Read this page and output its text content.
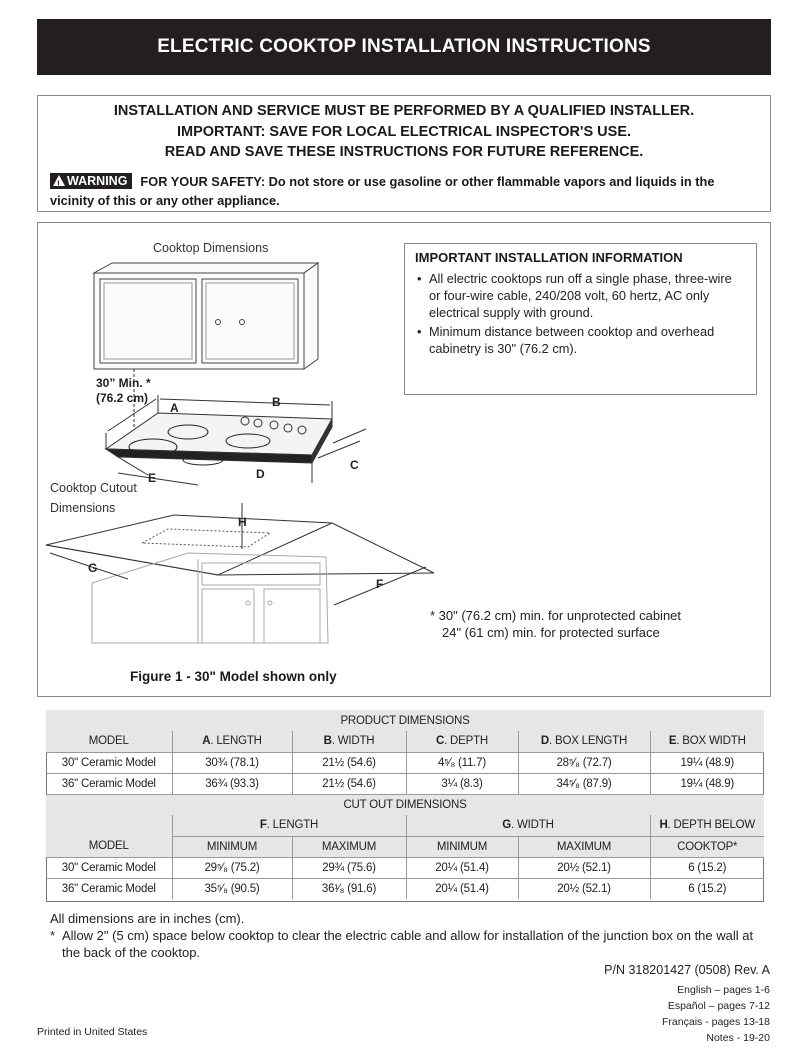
ELECTRIC COOKTOP INSTALLATION INSTRUCTIONS
INSTALLATION AND SERVICE MUST BE PERFORMED BY A QUALIFIED INSTALLER.
IMPORTANT: SAVE FOR LOCAL ELECTRICAL INSPECTOR'S USE.
READ AND SAVE THESE INSTRUCTIONS FOR FUTURE REFERENCE.
!WARNING FOR YOUR SAFETY: Do not store or use gasoline or other flammable vapors and liquids in the vicinity of this or any other appliance.
Cooktop Dimensions
30” Min. *
(76.2 cm)
A	B
C
D
E
F
G
H
Cooktop Cutout
Dimensions
IMPORTANT INSTALLATION INFORMATION
• All electric cooktops run off a single phase, three-wire or four-wire cable, 240/208 volt, 60 hertz, AC only electrical supply with ground.
• Minimum distance between cooktop and overhead cabinetry is 30" (76.2 cm).
* 30" (76.2 cm) min. for unprotected cabinet
24" (61 cm) min. for protected surface
Figure 1 - 30" Model shown only
PRODUCT DIMENSIONS					
MODEL	A. LENGTH	B. WIDTH	C. DEPTH	D. BOX LENGTH	E. BOX WIDTH
30" Ceramic Model	30¾ (78.1)	21½ (54.6)	4⁵⁄₈ (11.7)	28⁵⁄₈ (72.7)	19¼ (48.9)
36" Ceramic Model	36¾ (93.3)	21½ (54.6)	3¼ (8.3)	34⁵⁄₈ (87.9)	19¼ (48.9)
CUT OUT DIMENSIONS					
	F. LENGTH		G. WIDTH		H. DEPTH BELOW
MODEL	MINIMUM	MAXIMUM	MINIMUM	MAXIMUM	COOKTOP*
30" Ceramic Model	29⁵⁄₈ (75.2)	29¾ (75.6)	20¼ (51.4)	20½ (52.1)	6 (15.2)
36" Ceramic Model	35⁵⁄₈ (90.5)	36¹⁄₈ (91.6)	20¼ (51.4)	20½ (52.1)	6 (15.2)
All dimensions are in inches (cm).
* Allow 2" (5 cm) space below cooktop to clear the electric cable and allow for installation of the junction box on the wall at the back of the cooktop.
P/N 318201427 (0508) Rev. A
English – pages 1-6
Español – pages 7-12
Français - pages 13-18
Notes - 19-20
Printed in United States
